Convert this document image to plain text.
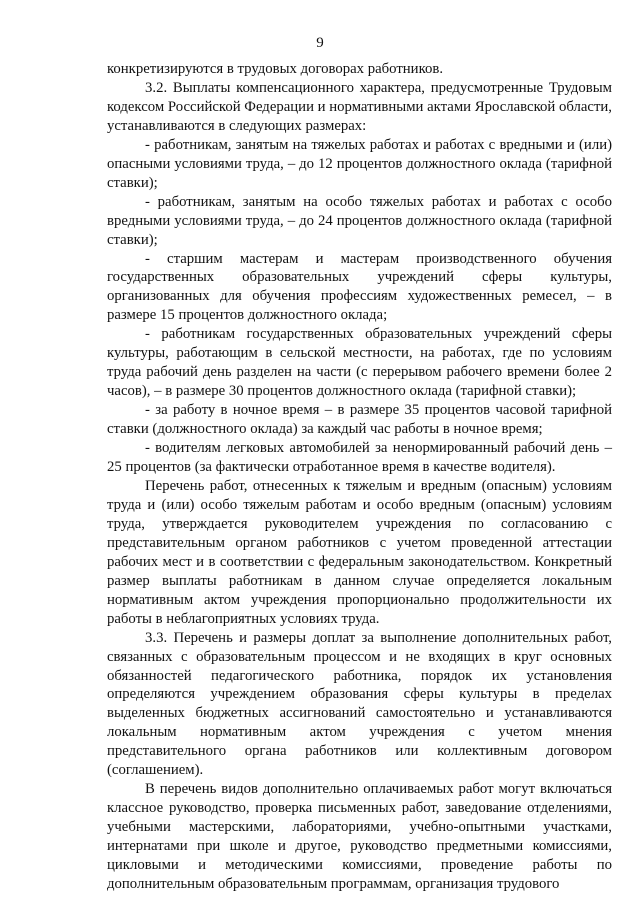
9

конкретизируются в трудовых договорах работников.

3.2. Выплаты компенсационного характера, предусмотренные Трудовым кодексом Российской Федерации и нормативными актами Ярославской области, устанавливаются в следующих размерах:

- работникам, занятым на тяжелых работах и работах с вредными и (или) опасными условиями труда, – до 12 процентов должностного оклада (тарифной ставки);

- работникам, занятым на особо тяжелых работах и работах с особо вредными условиями труда, – до 24 процентов должностного оклада (тарифной ставки);

- старшим мастерам и мастерам производственного обучения государственных образовательных учреждений сферы культуры, организованных для обучения профессиям художественных ремесел, – в размере 15 процентов должностного оклада;

- работникам государственных образовательных учреждений сферы культуры, работающим в сельской местности, на работах, где по условиям труда рабочий день разделен на части (с перерывом рабочего времени более 2 часов), – в размере 30 процентов должностного оклада (тарифной ставки);

- за работу в ночное время – в размере 35 процентов часовой тарифной ставки (должностного оклада) за каждый час работы в ночное время;

- водителям легковых автомобилей за ненормированный рабочий день – 25 процентов (за фактически отработанное время в качестве водителя).

Перечень работ, отнесенных к тяжелым и вредным (опасным) условиям труда и (или) особо тяжелым работам и особо вредным (опасным) условиям труда, утверждается руководителем учреждения по согласованию с представительным органом работников с учетом проведенной аттестации рабочих мест и в соответствии с федеральным законодательством. Конкретный размер выплаты работникам в данном случае определяется локальным нормативным актом учреждения пропорционально продолжительности их работы в неблагоприятных условиях труда.

3.3. Перечень и размеры доплат за выполнение дополнительных работ, связанных с образовательным процессом и не входящих в круг основных обязанностей педагогического работника, порядок их установления определяются учреждением образования сферы культуры в пределах выделенных бюджетных ассигнований самостоятельно и устанавливаются локальным нормативным актом учреждения с учетом мнения представительного органа работников или коллективным договором (соглашением).

В перечень видов дополнительно оплачиваемых работ могут включаться классное руководство, проверка письменных работ, заведование отделениями, учебными мастерскими, лабораториями, учебно-опытными участками, интернатами при школе и другое, руководство предметными комиссиями, цикловыми и методическими комиссиями, проведение работы по дополнительным образовательным программам, организация трудового
